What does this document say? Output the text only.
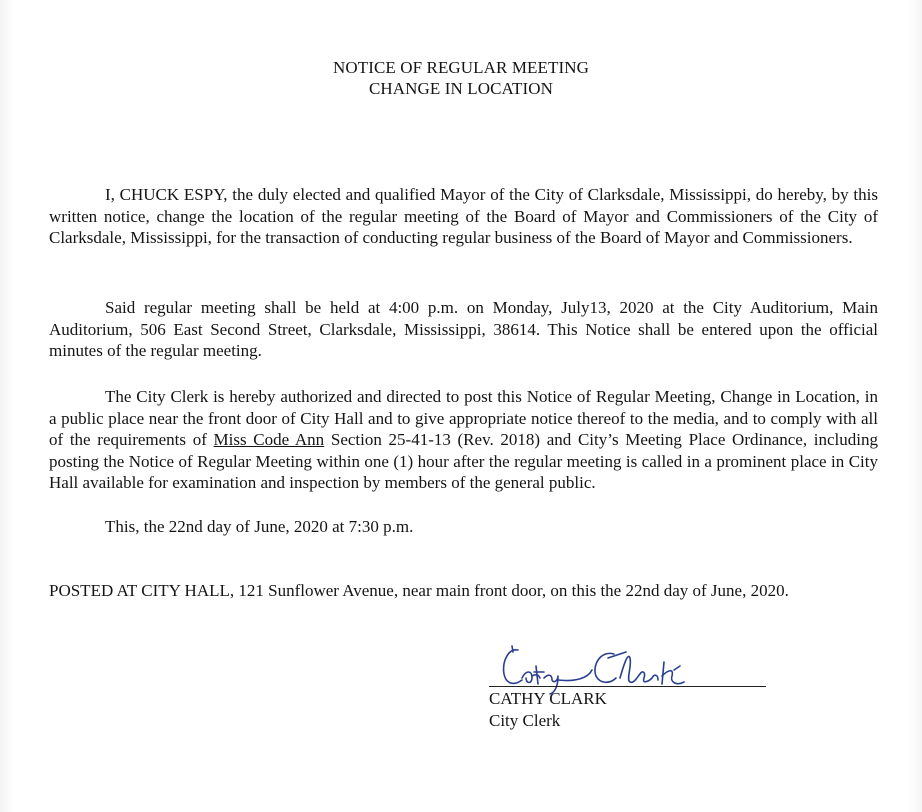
NOTICE OF REGULAR MEETING
CHANGE IN LOCATION

I, CHUCK ESPY, the duly elected and qualified Mayor of the City of Clarksdale, Mississippi, do hereby, by this written notice, change the location of the regular meeting of the Board of Mayor and Commissioners of the City of Clarksdale, Mississippi, for the transaction of conducting regular business of the Board of Mayor and Commissioners.

Said regular meeting shall be held at 4:00 p.m. on Monday, July13, 2020 at the City Auditorium, Main Auditorium, 506 East Second Street, Clarksdale, Mississippi, 38614. This Notice shall be entered upon the official minutes of the regular meeting.

The City Clerk is hereby authorized and directed to post this Notice of Regular Meeting, Change in Location, in a public place near the front door of City Hall and to give appropriate notice thereof to the media, and to comply with all of the requirements of Miss Code Ann Section 25-41-13 (Rev. 2018) and City’s Meeting Place Ordinance, including posting the Notice of Regular Meeting within one (1) hour after the regular meeting is called in a prominent place in City Hall available for examination and inspection by members of the general public.

This, the 22nd day of June, 2020 at 7:30 p.m.

POSTED AT CITY HALL, 121 Sunflower Avenue, near main front door, on this the 22nd day of June, 2020.

CATHY CLARK

City Clerk
